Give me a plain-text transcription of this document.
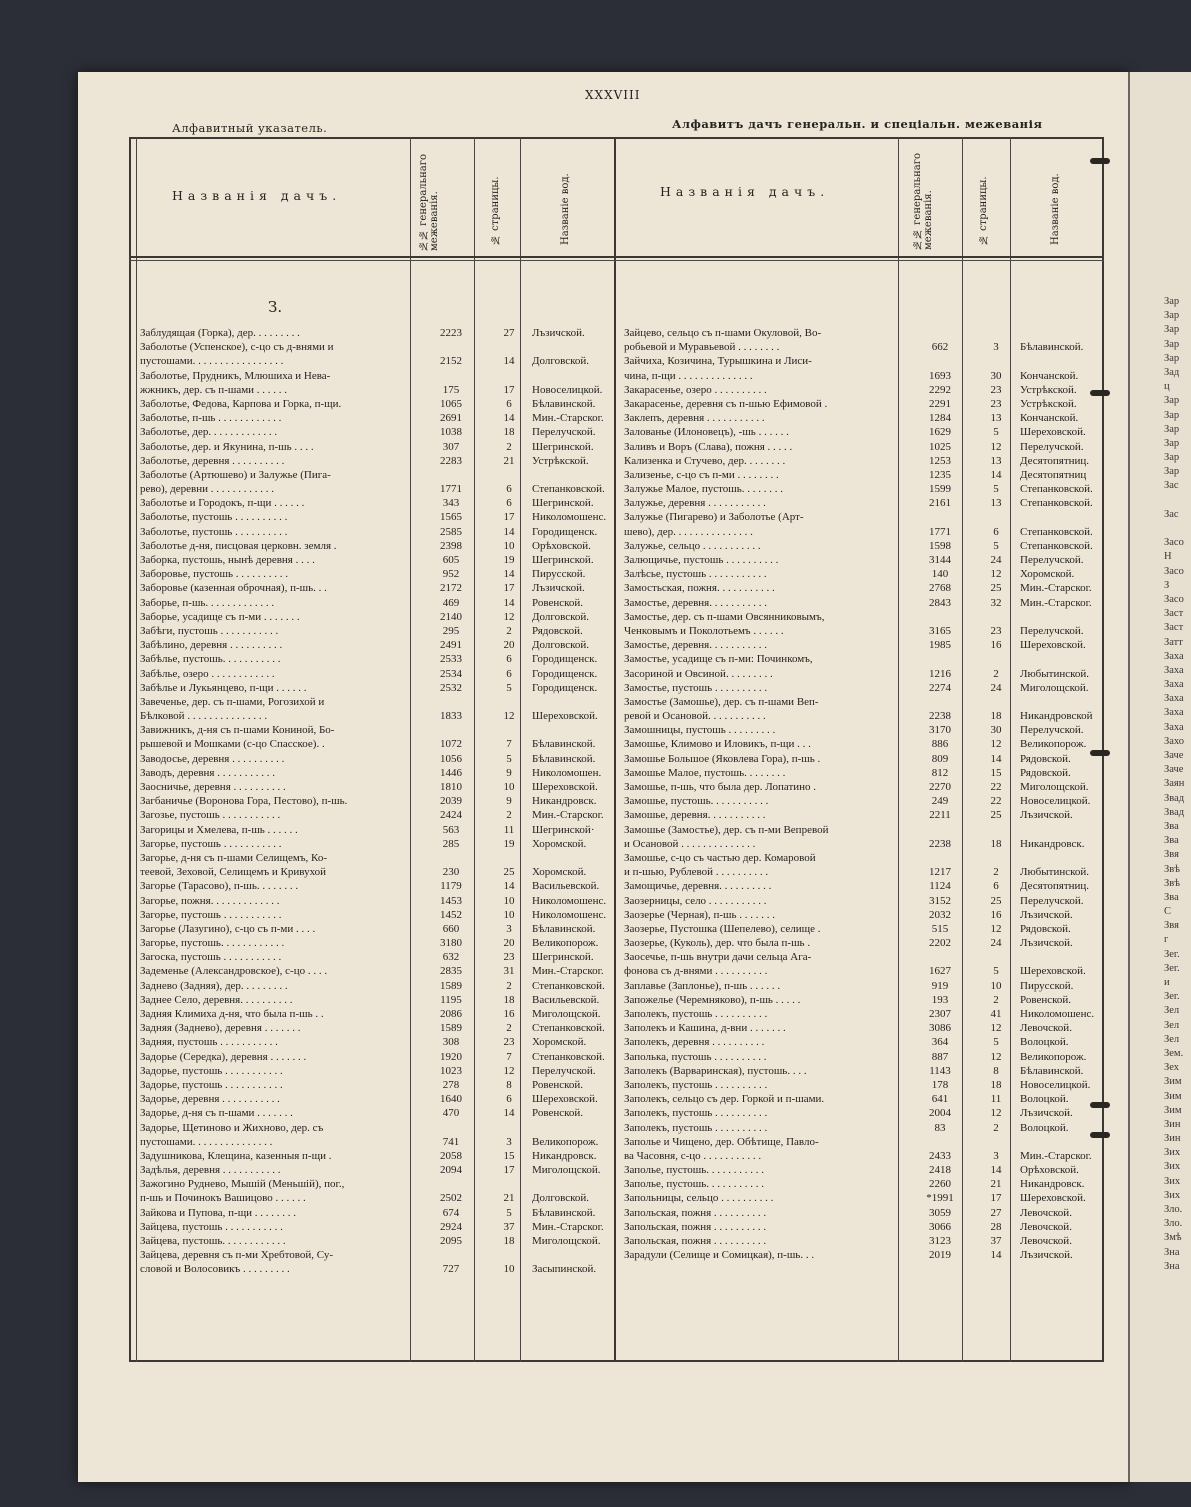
Зар
Зар
Зар
Зар
Зар
Зад
ц
Зар
Зар
Зар
Зар
Зар
Зар
Зас
Зас
Засо
Н
Засо
З
Засо
Заст
Заст
Затт
Заха
Заха
Заха
Заха
Заха
Заха
Захо
Заче
Заче
Заян
Звад
Звад
Зва
Зва
Звя
Звѣ
Звѣ
Зва
С
Звя
г
Зег.
Зег.
и
Зег.
Зел
Зел
Зел
Зем.
Зех
Зим
Зим
Зим
Зин
Зин
Зих
Зих
Зих
Зих
Зло.
Зло.
Змѣ
Зна
Зна
XXXVIII
Алфавитный указатель.	Алфавитъ дачъ генеральн. и спеціальн. межеванія
Названія дачъ.	№№ генеральнаго межеванія.	№ страницы.	Названіе вод.	Названія дачъ.	№№ генеральнаго межеванія.	№ страницы.	Названіе вод.
З.
Заблудящая (Горка), дер. . . . . . . . .	2223	27	Лъзичской.
Заболотье (Успенское), с-цо съ д-внями и
пустошами. . . . . . . . . . . . . . . . .	2152	14	Долговской.
Заболотье, Прудникъ, Млюшиха и Нева-
жжникъ, дер. съ п-шами . . . . . .	175	17	Новоселицкой.
Заболотье, Федова, Карпова и Горка, п-щи.	1065	6	Бѣлавинской.
Заболотье, п-шь . . . . . . . . . . . .	2691	14	Мин.-Старског.
Заболотье, дер. . . . . . . . . . . . .	1038	18	Перелучской.
Заболотье, дер. и Якунина, п-шь . . . .	307	2	Шегринской.
Заболотье, деревня . . . . . . . . . .	2283	21	Устрѣкской.
Заболотье (Артюшево) и Залужье (Пига-
рево), деревни . . . . . . . . . . . .	1771	6	Степанковской.
Заболотье и Городокъ, п-щи . . . . . .	343	6	Шегринской.
Заболотье, пустошь . . . . . . . . . .	1565	17	Николомошенс.
Заболотье, пустошь . . . . . . . . . .	2585	14	Городищенск.
Заболотье д-ня, писцовая церковн. земля .	2398	10	Орѣховской.
Заборка, пустошь, нынѣ деревня . . . .	605	19	Шегринской.
Заборовье, пустошь . . . . . . . . . .	952	14	Пирусской.
Заборовье (казенная оброчная), п-шь. . .	2172	17	Лъзичской.
Заборье, п-шь. . . . . . . . . . . . .	469	14	Ровенской.
Заборье, усадище съ п-ми . . . . . . .	2140	12	Долговской.
Забѣги, пустошь . . . . . . . . . . .	295	2	Рядовской.
Забѣлино, деревня . . . . . . . . . .	2491	20	Долговской.
Забѣлье, пустошь. . . . . . . . . . .	2533	6	Городищенск.
Забѣлье, озеро . . . . . . . . . . . .	2534	6	Городищенск.
Забѣлье и Лукьянцево, п-щи . . . . . .	2532	5	Городищенск.
Завеченье, дер. съ п-шами, Рогозихой и
Бѣлковой . . . . . . . . . . . . . . .	1833	12	Шереховской.
Завижникъ, д-ня съ п-шами Кониной, Бо-
рышевой и Мошками (с-цо Спасское). .	1072	7	Бѣлавинской.
Заводосье, деревня . . . . . . . . . .	1056	5	Бѣлавинской.
Заводъ, деревня . . . . . . . . . . .	1446	9	Николомошен.
Заосничье, деревня . . . . . . . . . .	1810	10	Шереховской.
Загбаничье (Воронова Гора, Пестово), п-шь.	2039	9	Никандровск.
Загозье, пустошь . . . . . . . . . . .	2424	2	Мин.-Старског.
Загорицы и Хмелева, п-шь . . . . . .	563	11	Шегринской·
Загорье, пустошь . . . . . . . . . . .	285	19	Хоромской.
Загорье, д-ня съ п-шами Селищемъ, Ко-
теевой, Зеховой, Селищемъ и Кривухой	230	25	Хоромской.
Загорье (Тарасово), п-шь. . . . . . . .	1179	14	Васильевской.
Загорье, пожня. . . . . . . . . . . . .	1453	10	Николомошенс.
Загорье, пустошь . . . . . . . . . . .	1452	10	Николомошенс.
Загорье (Лазугино), с-цо съ п-ми . . . .	660	3	Бѣлавинской.
Загорье, пустошь. . . . . . . . . . . .	3180	20	Великопорож.
Загоска, пустошь . . . . . . . . . . .	632	23	Шегринской.
Задеменье (Александровское), с-цо . . . .	2835	31	Мин.-Старског.
Заднево (Задняя), дер. . . . . . . . .	1589	2	Степанковской.
Заднее Село, деревня. . . . . . . . . .	1195	18	Васильевской.
Задняя Климиха д-ня, что была п-шь . .	2086	16	Миголощской.
Задняя (Заднево), деревня . . . . . . .	1589	2	Степанковской.
Задняя, пустошь . . . . . . . . . . .	308	23	Хоромской.
Задорье (Середка), деревня . . . . . . .	1920	7	Степанковской.
Задорье, пустошь . . . . . . . . . . .	1023	12	Перелучской.
Задорье, пустошь . . . . . . . . . . .	278	8	Ровенской.
Задорье, деревня . . . . . . . . . . .	1640	6	Шереховской.
Задорье, д-ня съ п-шами . . . . . . .	470	14	Ровенской.
Задорье, Щетиново и Жихново, дер. съ
пустошами. . . . . . . . . . . . . . .	741	3	Великопорож.
Задушникова, Клещина, казенныя п-щи .	2058	15	Никандровск.
Задѣлья, деревня . . . . . . . . . . .	2094	17	Миголощской.
Зажогино Руднево, Мышій (Меньшій), пог.,
п-шь и Починокъ Вашицово . . . . . .	2502	21	Долговской.
Зайкова и Пупова, п-щи . . . . . . . .	674	5	Бѣлавинской.
Зайцева, пустошь . . . . . . . . . . .	2924	37	Мин.-Старског.
Зайцева, пустошь. . . . . . . . . . . .	2095	18	Миголощской.
Зайцева, деревня съ п-ми Хребтовой, Су-
словой и Волосовикъ . . . . . . . . .	727	10	Засыпинской.
Зайцево, сельцо съ п-шами Окуловой, Во-
робьевой и Муравьевой . . . . . . . .	662	3	Бѣлавинской.
Зайчиха, Козичина, Турышкина и Лиси-
чина, п-щи . . . . . . . . . . . . . .	1693	30	Кончанской.
Закарасенье, озеро . . . . . . . . . .	2292	23	Устрѣкской.
Закарасенье, деревня съ п-шью Ефимовой .	2291	23	Устрѣкской.
Заклепъ, деревня . . . . . . . . . . .	1284	13	Кончанской.
Залованье (Илоновецъ), -шь . . . . . .	1629	5	Шереховской.
Заливъ и Воръ (Слава), пожня . . . . .	1025	12	Перелучской.
Кализенка и Стучево, дер. . . . . . . .	1253	13	Десятопятниц.
Зализенье, с-цо съ п-ми . . . . . . . .	1235	14	Десятопятниц
Залужье Малое, пустошь. . . . . . . .	1599	5	Степанковской.
Залужье, деревня . . . . . . . . . . .	2161	13	Степанковской.
Залужье (Пигарево) и Заболотье (Арт-
шево), дер. . . . . . . . . . . . . . .	1771	6	Степанковской.
Залужье, сельцо . . . . . . . . . . .	1598	5	Степанковской.
Залющичье, пустошь . . . . . . . . . .	3144	24	Перелучской.
Залѣсье, пустошь . . . . . . . . . . .	140	12	Хоромской.
Замостьская, пожня. . . . . . . . . . .	2768	25	Мин.-Старског.
Замостье, деревня. . . . . . . . . . .	2843	32	Мин.-Старског.
Замостье, дер. съ п-шами Овсянниковымъ,
Ченковымъ и Поколотьемъ . . . . . .	3165	23	Перелучской.
Замостье, деревня. . . . . . . . . . .	1985	16	Шереховской.
Замостье, усадище съ п-ми: Починкомъ,
Засориной и Овсиной. . . . . . . . .	1216	2	Любытинской.
Замостье, пустошь . . . . . . . . . .	2274	24	Миголощской.
Замостье (Замошье), дер. съ п-шами Веп-
ревой и Осановой. . . . . . . . . . .	2238	18	Никандровской
Замошницы, пустошь . . . . . . . . .	3170	30	Перелучской.
Замошье, Климово и Иловикъ, п-щи . . .	886	12	Великопорож.
Замошье Большое (Яковлева Гора), п-шь .	809	14	Рядовской.
Замошье Малое, пустошь. . . . . . . .	812	15	Рядовской.
Замошье, п-шь, что была дер. Лопатино .	2270	22	Миголощской.
Замошье, пустошь. . . . . . . . . . .	249	22	Новоселицкой.
Замошье, деревня. . . . . . . . . . .	2211	25	Лъзичской.
Замошье (Замостье), дер. съ п-ми Вепревой
и Осановой . . . . . . . . . . . . . .	2238	18	Никандровск.
Замошье, с-цо съ частью дер. Комаровой
и п-шью, Рублевой . . . . . . . . . .	1217	2	Любытинской.
Замощичье, деревня. . . . . . . . . .	1124	6	Десятопятниц.
Заозерницы, село . . . . . . . . . . .	3152	25	Перелучской.
Заозерье (Черная), п-шь . . . . . . .	2032	16	Лъзичской.
Заозерье, Пустошка (Шепелево), селище .	515	12	Рядовской.
Заозерье, (Куколь), дер. что была п-шь .	2202	24	Лъзичской.
Заосечье, п-шь внутри дачи сельца Ага-
фоновa съ д-внями . . . . . . . . . .	1627	5	Шереховской.
Заплавье (Заплонье), п-шь . . . . . .	919	10	Пирусской.
Запожелье (Черемняково), п-шь . . . . .	193	2	Ровенской.
Заполекъ, пустошь . . . . . . . . . .	2307	41	Николомошенс.
Заполекъ и Кашина, д-вни . . . . . . .	3086	12	Левочской.
Заполекъ, деревня . . . . . . . . . .	364	5	Волоцкой.
Заполька, пустошь . . . . . . . . . .	887	12	Великопорож.
Заполекъ (Варваринская), пустошь. . . .	1143	8	Бѣлавинской.
Заполекъ, пустошь . . . . . . . . . .	178	18	Новоселицкой.
Заполекъ, сельцо съ дер. Горкой и п-шами.	641	11	Волоцкой.
Заполекъ, пустошь . . . . . . . . . .	2004	12	Лъзичской.
Заполекъ, пустошь . . . . . . . . . .	83	2	Волоцкой.
Заполье и Чищено, дер. Обѣтище, Павло-
ва Часовня, с-цо . . . . . . . . . . .	2433	3	Мин.-Старског.
Заполье, пустошь. . . . . . . . . . .	2418	14	Орѣховской.
Заполье, пустошь. . . . . . . . . . .	2260	21	Никандровск.
Запольницы, сельцо . . . . . . . . . .	*1991	17	Шереховской.
Запольская, пожня . . . . . . . . . .	3059	27	Левочской.
Запольская, пожня . . . . . . . . . .	3066	28	Левочской.
Запольская, пожня . . . . . . . . . .	3123	37	Левочской.
Зарадули (Селище и Сомицкая), п-шь. . .	2019	14	Лъзичской.
